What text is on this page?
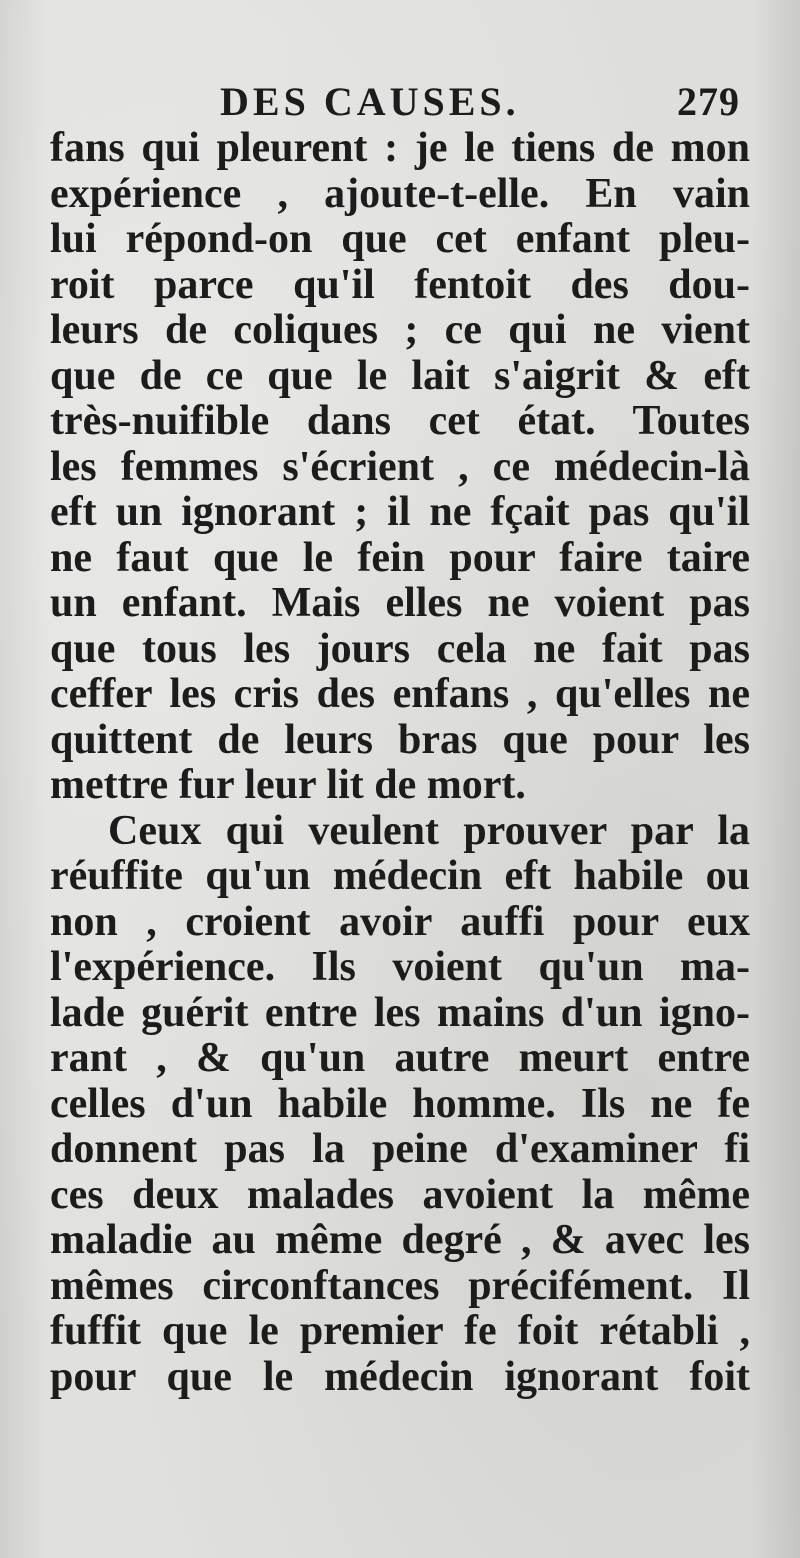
DES CAUSES.	279
fans qui pleurent : je le tiens de mon
expérience , ajoute-t-elle. En vain
lui répond-on que cet enfant pleu-
roit parce qu'il fentoit des dou-
leurs de coliques ; ce qui ne vient
que de ce que le lait s'aigrit & eft
très-nuifible dans cet état. Toutes
les femmes s'écrient , ce médecin-là
eft un ignorant ; il ne fçait pas qu'il
ne faut que le fein pour faire taire
un enfant. Mais elles ne voient pas
que tous les jours cela ne fait pas
ceffer les cris des enfans , qu'elles ne
quittent de leurs bras que pour les
mettre fur leur lit de mort.
Ceux qui veulent prouver par la
réuffite qu'un médecin eft habile ou
non , croient avoir auffi pour eux
l'expérience. Ils voient qu'un ma-
lade guérit entre les mains d'un igno-
rant , & qu'un autre meurt entre
celles d'un habile homme. Ils ne fe
donnent pas la peine d'examiner fi
ces deux malades avoient la même
maladie au même degré , & avec les
mêmes circonftances précifément. Il
fuffit que le premier fe foit rétabli ,
pour que le médecin ignorant foit
